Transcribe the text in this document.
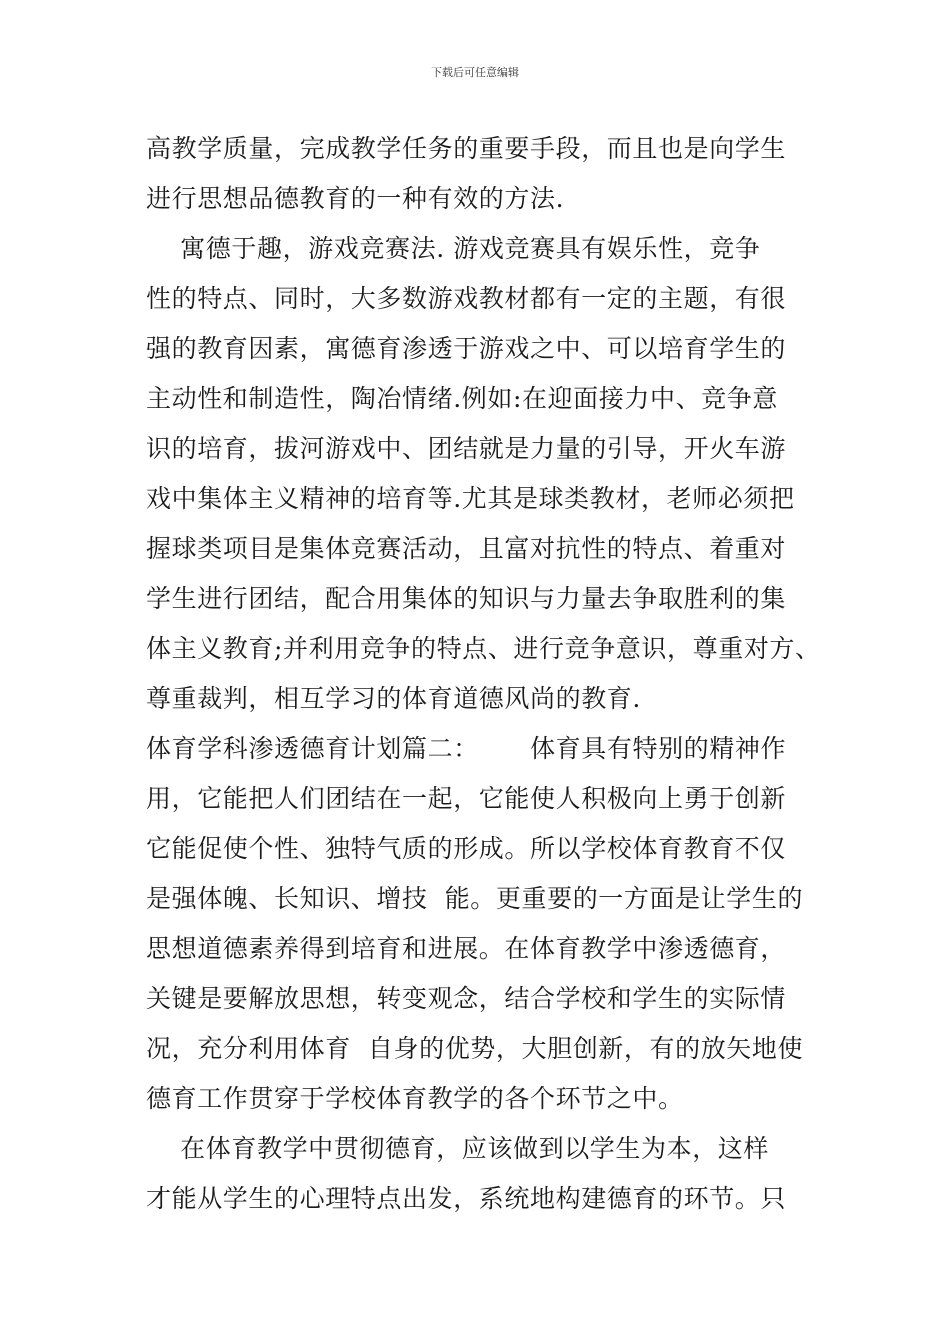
下载后可任意编辑
高教学质量，完成教学任务的重要手段，而且也是向学生
进行思想品德教育的一种有效的方法.
寓德于趣，游戏竞赛法. 游戏竞赛具有娱乐性，竞争
性的特点、同时，大多数游戏教材都有一定的主题，有很
强的教育因素，寓德育渗透于游戏之中、可以培育学生的
主动性和制造性，陶冶情绪.例如:在迎面接力中、竞争意
识的培育，拔河游戏中、团结就是力量的引导，开火车游
戏中集体主义精神的培育等.尤其是球类教材，老师必须把
握球类项目是集体竞赛活动，且富对抗性的特点、着重对
学生进行团结，配合用集体的知识与力量去争取胜利的集
体主义教育;并利用竞争的特点、进行竞争意识，尊重对方、
尊重裁判，相互学习的体育道德风尚的教育.
体育学科渗透德育计划篇二：      体育具有特别的精神作
用，它能把人们团结在一起，它能使人积极向上勇于创新
它能促使个性、独特气质的形成。所以学校体育教育不仅
是强体魄、长知识、增技  能。更重要的一方面是让学生的
思想道德素养得到培育和进展。在体育教学中渗透德育，
关键是要解放思想，转变观念，结合学校和学生的实际情
况，充分利用体育  自身的优势，大胆创新，有的放矢地使
德育工作贯穿于学校体育教学的各个环节之中。
在体育教学中贯彻德育，应该做到以学生为本，这样
才能从学生的心理特点出发，系统地构建德育的环节。只
